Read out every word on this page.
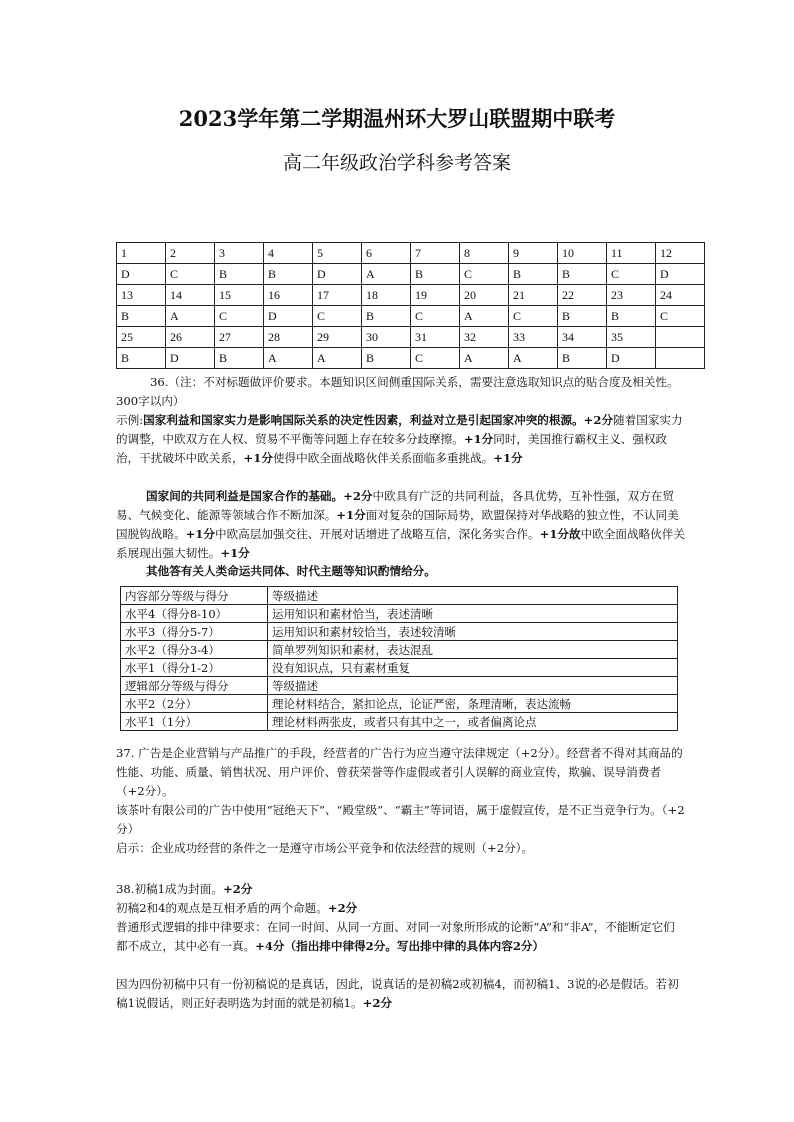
2023学年第二学期温州环大罗山联盟期中联考
高二年级政治学科参考答案
1	2	3	4	5	6	7	8	9	10	11	12
D	C	B	B	D	A	B	C	B	B	C	D
13	14	15	16	17	18	19	20	21	22	23	24
B	A	C	D	C	B	C	A	C	B	B	C
25	26	27	28	29	30	31	32	33	34	35	
B	D	B	A	A	B	C	A	A	B	D	
36.（注：不对标题做评价要求。本题知识区间侧重国际关系，需要注意选取知识点的贴合度及相关性。300字以内）
示例:国家利益和国家实力是影响国际关系的决定性因素，利益对立是引起国家冲突的根源。+2分随着国家实力的调整，中欧双方在人权、贸易不平衡等问题上存在较多分歧摩擦。+1分同时，美国推行霸权主义、强权政治，干扰破坏中欧关系，+1分使得中欧全面战略伙伴关系面临多重挑战。+1分
国家间的共同利益是国家合作的基础。+2分中欧具有广泛的共同利益，各具优势，互补性强，双方在贸易、气候变化、能源等领域合作不断加深。+1分面对复杂的国际局势，欧盟保持对华战略的独立性，不认同美国脱钩战略。+1分中欧高层加强交往、开展对话增进了战略互信，深化务实合作。+1分故中欧全面战略伙伴关系展现出强大韧性。+1分
其他答有关人类命运共同体、时代主题等知识酌情给分。
内容部分等级与得分	等级描述
水平4（得分8-10）	运用知识和素材恰当，表述清晰
水平3（得分5-7）	运用知识和素材较恰当，表述较清晰
水平2（得分3-4）	简单罗列知识和素材，表达混乱
水平1（得分1-2）	没有知识点，只有素材重复
逻辑部分等级与得分	等级描述
水平2（2分）	理论材料结合，紧扣论点，论证严密，条理清晰，表达流畅
水平1（1分）	理论材料两张皮，或者只有其中之一，或者偏离论点
37. 广告是企业营销与产品推广的手段，经营者的广告行为应当遵守法律规定（+2分）。经营者不得对其商品的性能、功能、质量、销售状况、用户评价、曾获荣誉等作虚假或者引人误解的商业宣传，欺骗、误导消费者（+2分）。
该茶叶有限公司的广告中使用“冠绝天下”、“殿堂级”、“霸主”等词语，属于虚假宣传，是不正当竞争行为。（+2分）
启示：企业成功经营的条件之一是遵守市场公平竞争和依法经营的规则（+2分）。
38.初稿1成为封面。+2分
初稿2和4的观点是互相矛盾的两个命题。+2分
普通形式逻辑的排中律要求：在同一时间、从同一方面、对同一对象所形成的论断“A”和“非A”，不能断定它们都不成立，其中必有一真。+4分（指出排中律得2分。写出排中律的具体内容2分）
因为四份初稿中只有一份初稿说的是真话，因此，说真话的是初稿2或初稿4，而初稿1、3说的必是假话。若初稿1说假话，则正好表明选为封面的就是初稿1。+2分
